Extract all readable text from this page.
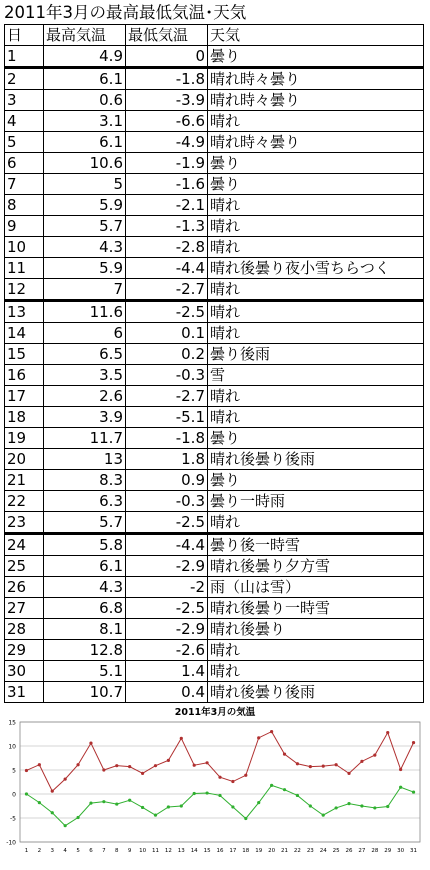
2011年3月の最高最低気温･天気
日	最高気温	最低気温	天気
1	4.9	0	曇り
2	6.1	-1.8	晴れ時々曇り
3	0.6	-3.9	晴れ時々曇り
4	3.1	-6.6	晴れ
5	6.1	-4.9	晴れ時々曇り
6	10.6	-1.9	曇り
7	5	-1.6	曇り
8	5.9	-2.1	晴れ
9	5.7	-1.3	晴れ
10	4.3	-2.8	晴れ
11	5.9	-4.4	晴れ後曇り夜小雪ちらつく
12	7	-2.7	晴れ
13	11.6	-2.5	晴れ
14	6	0.1	晴れ
15	6.5	0.2	曇り後雨
16	3.5	-0.3	雪
17	2.6	-2.7	晴れ
18	3.9	-5.1	晴れ
19	11.7	-1.8	曇り
20	13	1.8	晴れ後曇り後雨
21	8.3	0.9	曇り
22	6.3	-0.3	曇り一時雨
23	5.7	-2.5	晴れ
24	5.8	-4.4	曇り後一時雪
25	6.1	-2.9	晴れ後曇り夕方雪
26	4.3	-2	雨（山は雪）
27	6.8	-2.5	晴れ後曇り一時雪
28	8.1	-2.9	晴れ後曇り
29	12.8	-2.6	晴れ
30	5.1	1.4	晴れ
31	10.7	0.4	晴れ後曇り後雨
2011年3月の気温
15
10
5
0
-5
-10
1 2 3 4 5 6 7 8 9 10 11 12 13 14 15 16 17 18 19 20 21 22 23 24 25 26 27 28 29 30 31
